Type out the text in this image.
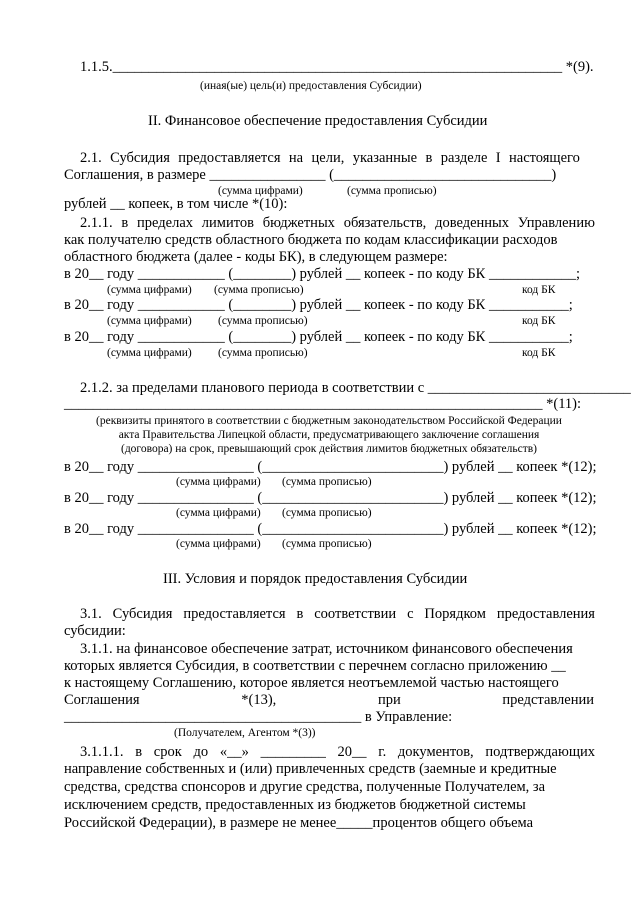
1.1.5.______________________________________________________________ *(9).
(иная(ые) цель(и) предоставления Субсидии)
II. Финансовое обеспечение предоставления Субсидии
2.1. Субсидия предоставляется на цели, указанные в разделе I настоящего
Соглашения, в размере ________________ (______________________________)
(сумма цифрами)	(сумма прописью)
рублей __ копеек, в том числе *(10):
2.1.1. в пределах лимитов бюджетных обязательств, доведенных Управлению
как получателю средств областного бюджета по кодам классификации расходов
областного бюджета (далее - коды БК), в следующем размере:
в 20__ году ____________ (________) рублей __ копеек - по коду БК ____________;
(сумма цифрами) (сумма прописью)	код БК
в 20__ году ____________ (________) рублей __ копеек - по коду БК ___________;
(сумма цифрами) (сумма прописью)	код БК
в 20__ году ____________ (________) рублей __ копеек - по коду БК ___________;
(сумма цифрами) (сумма прописью)	код БК
2.1.2. за пределами планового периода в соответствии с ____________________________
__________________________________________________________________ *(11):
(реквизиты принятого в соответствии с бюджетным законодательством Российской Федерации
акта Правительства Липецкой области, предусматривающего заключение соглашения
(договора) на срок, превышающий срок действия лимитов бюджетных обязательств)
в 20__ году ________________ (_________________________) рублей __ копеек *(12);
(сумма цифрами) (сумма прописью)
в 20__ году ________________ (_________________________) рублей __ копеек *(12);
(сумма цифрами) (сумма прописью)
в 20__ году ________________ (_________________________) рублей __ копеек *(12);
(сумма цифрами) (сумма прописью)
III. Условия и порядок предоставления Субсидии
3.1. Субсидия предоставляется в соответствии с Порядком предоставления
субсидии:
3.1.1. на финансовое обеспечение затрат, источником финансового обеспечения
которых является Субсидия, в соответствии с перечнем согласно приложению __
к настоящему Соглашению, которое является неотъемлемой частью настоящего
Соглашения	*(13),	при	представлении
_________________________________________ в Управление:
(Получателем, Агентом *(3))
3.1.1.1. в срок до «__» _________ 20__ г. документов, подтверждающих
направление собственных и (или) привлеченных средств (заемные и кредитные
средства, средства спонсоров и другие средства, полученные Получателем, за
исключением средств, предоставленных из бюджетов бюджетной системы
Российской Федерации), в размере не менее_____процентов общего объема
